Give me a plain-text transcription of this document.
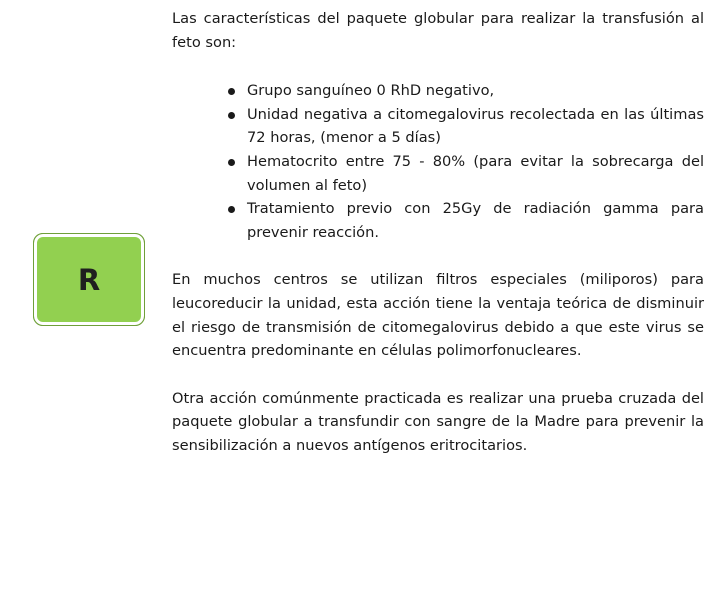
R

Las características del paquete globular para realizar la transfusión al feto son:

Grupo sanguíneo 0 RhD negativo,
Unidad negativa a citomegalovirus recolectada en las últimas 72 horas, (menor a 5 días)
Hematocrito entre 75 - 80% (para evitar la sobrecarga del volumen al feto)
Tratamiento previo con 25Gy de radiación gamma para prevenir reacción.

En muchos centros se utilizan filtros especiales (miliporos) para leucoreducir la unidad, esta acción tiene la ventaja teórica de disminuir el riesgo de transmisión de citomegalovirus debido a que este virus se encuentra predominante en células polimorfonucleares.

Otra acción comúnmente practicada es realizar una prueba cruzada del paquete globular a transfundir con sangre de la Madre para prevenir la sensibilización a nuevos antígenos eritrocitarios.
